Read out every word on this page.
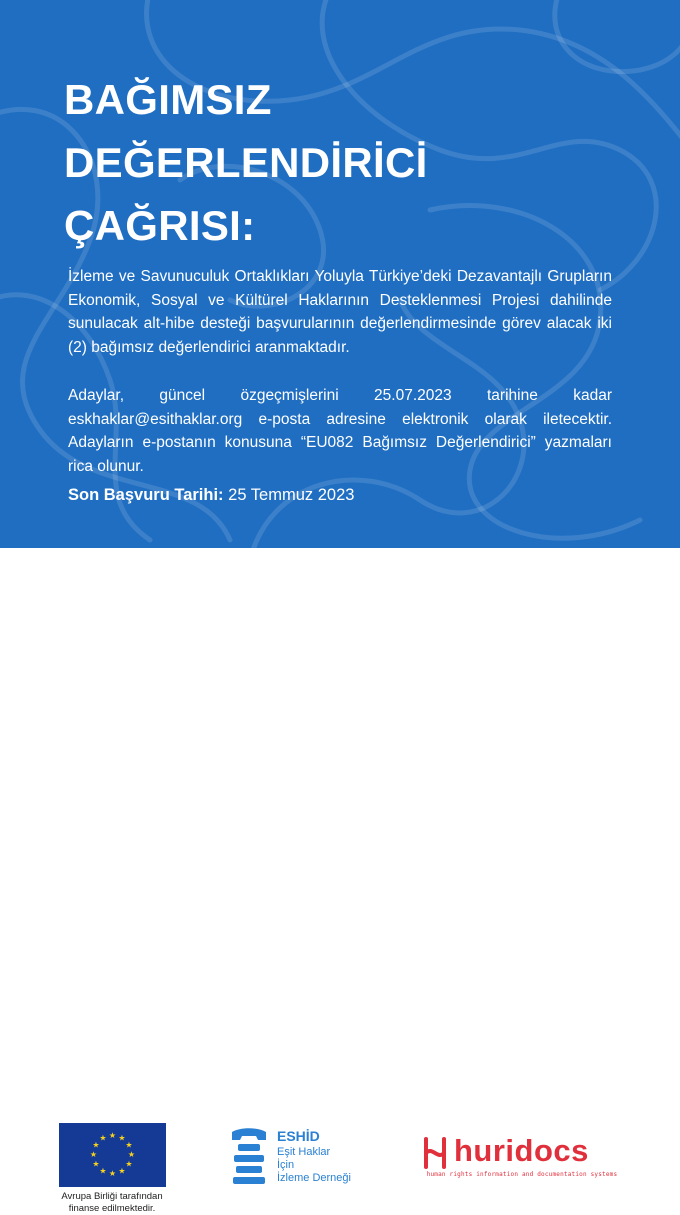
BAĞIMSIZ
DEĞERLENDİRİCİ
ÇAĞRISI:

İzleme ve Savunuculuk Ortaklıkları Yoluyla Türkiye’deki Dezavantajlı Grupların Ekonomik, Sosyal ve Kültürel Haklarının Desteklenmesi Projesi dahilinde sunulacak alt-hibe desteği başvurularının değerlendirmesinde görev alacak iki (2) bağımsız değerlendirici aranmaktadır.

Adaylar, güncel özgeçmişlerini 25.07.2023 tarihine kadar eskhaklar@esithaklar.org e-posta adresine elektronik olarak iletecektir. Adayların e-postanın konusuna “EU082 Bağımsız Değerlendirici” yazmaları rica olunur.

Son Başvuru Tarihi: 25 Temmuz 2023
★ ★
★
★
★
★
★
★
★
★
★
★
Avrupa Birliği tarafından
finanse edilmektedir.
ESHİD
Eşit Haklar
İçin
İzleme Derneği
huridocs
human rights information and documentation systems
